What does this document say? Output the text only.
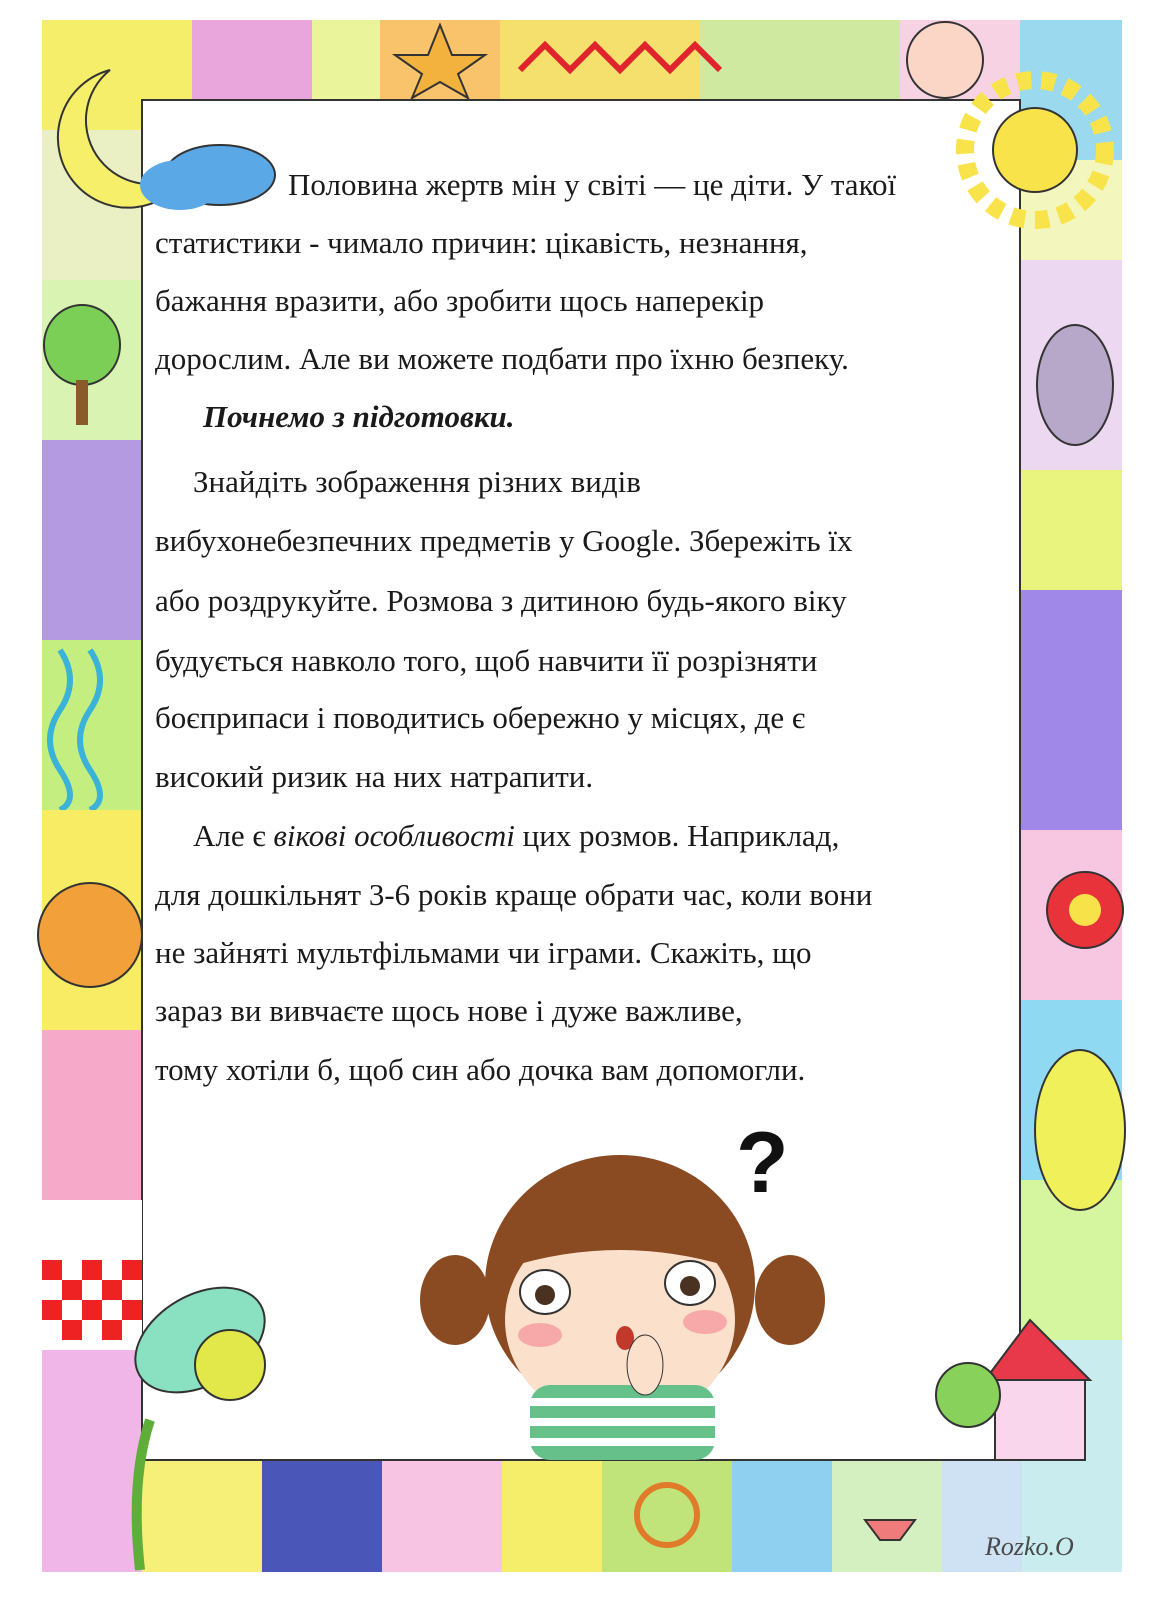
?
Половина жертв мін у світі — це діти. У такої
статистики - чимало причин: цікавість, незнання,
бажання вразити, або зробити щось наперекір
дорослим. Але ви можете подбати про їхню безпеку.
Почнемо з підготовки.
Знайдіть зображення різних видів
вибухонебезпечних предметів у Google. Збережіть їх
або роздрукуйте. Розмова з дитиною будь-якого віку
будується навколо того, щоб навчити її розрізняти
боєприпаси і поводитись обережно у місцях, де є
високий ризик на них натрапити.
Але є вікові особливості цих розмов. Наприклад,
для дошкільнят 3-6 років краще обрати час, коли вони
не зайняті мультфільмами чи іграми. Скажіть, що
зараз ви вивчаєте щось нове і дуже важливе,
тому хотіли б, щоб син або дочка вам допомогли.
Rozko.O
